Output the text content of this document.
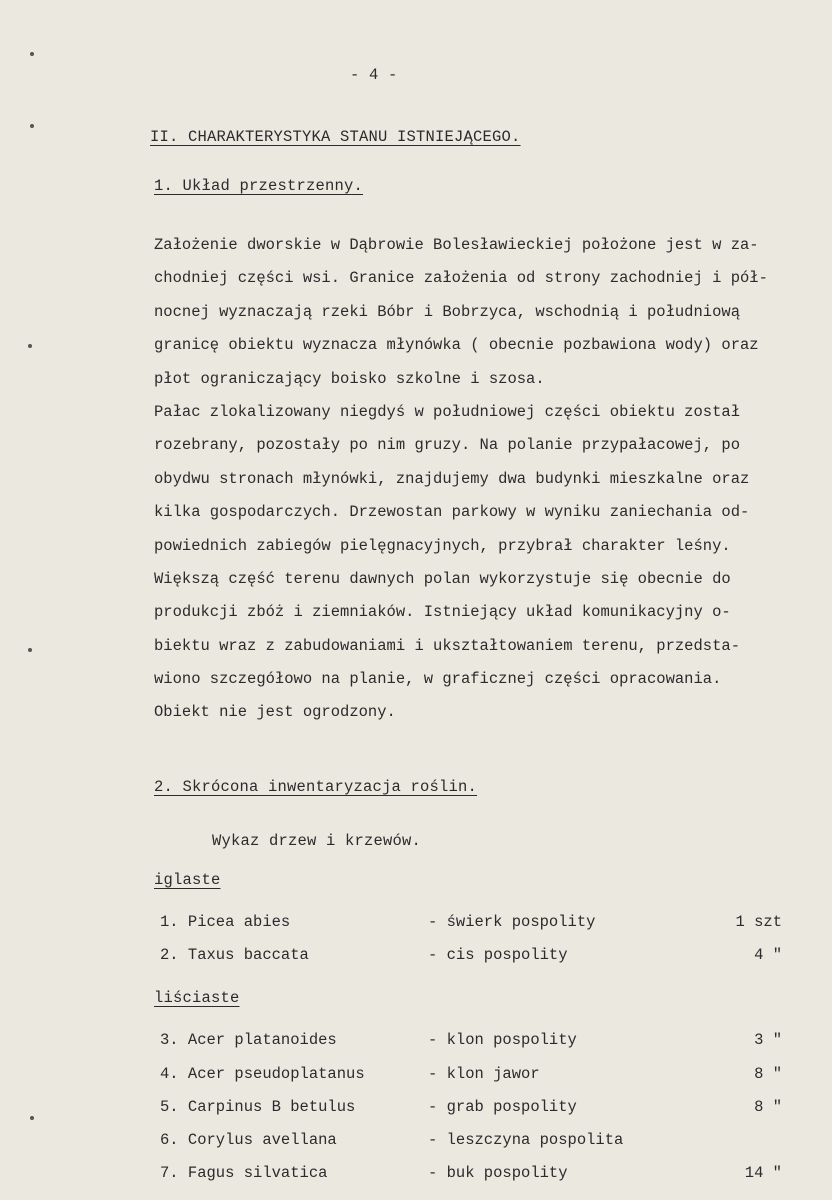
- 4 -
II. CHARAKTERYSTYKA STANU ISTNIEJĄCEGO.
1. Układ przestrzenny.
Założenie dworskie w Dąbrowie Bolesławieckiej położone jest w za-
chodniej części wsi. Granice założenia od strony zachodniej i pół-
nocnej wyznaczają rzeki Bóbr i Bobrzyca, wschodnią i południową
granicę obiektu wyznacza młynówka ( obecnie pozbawiona wody) oraz
płot ograniczający boisko szkolne i szosa.
Pałac zlokalizowany niegdyś w południowej części obiektu został
rozebrany, pozostały po nim gruzy. Na polanie przypałacowej, po
obydwu stronach młynówki, znajdujemy dwa budynki mieszkalne oraz
kilka gospodarczych. Drzewostan parkowy w wyniku zaniechania od-
powiednich zabiegów pielęgnacyjnych, przybrał charakter leśny.
Większą część terenu dawnych polan wykorzystuje się obecnie do
produkcji zbóż i ziemniaków. Istniejący układ komunikacyjny o-
biektu wraz z zabudowaniami i ukształtowaniem terenu, przedsta-
wiono szczegółowo na planie, w graficznej części opracowania.
Obiekt nie jest ogrodzony.
2. Skrócona inwentaryzacja roślin.
Wykaz drzew i krzewów.
iglaste
1. Picea abies	- świerk pospolity	1 szt
2. Taxus baccata	- cis pospolity	4 "
liściaste
3. Acer platanoides	- klon pospolity	3 "
4. Acer pseudoplatanus	- klon jawor	8 "
5. Carpinus B betulus	- grab pospolity	8 "
6. Corylus avellana	- leszczyna pospolita
7. Fagus silvatica	- buk pospolity	14 "
